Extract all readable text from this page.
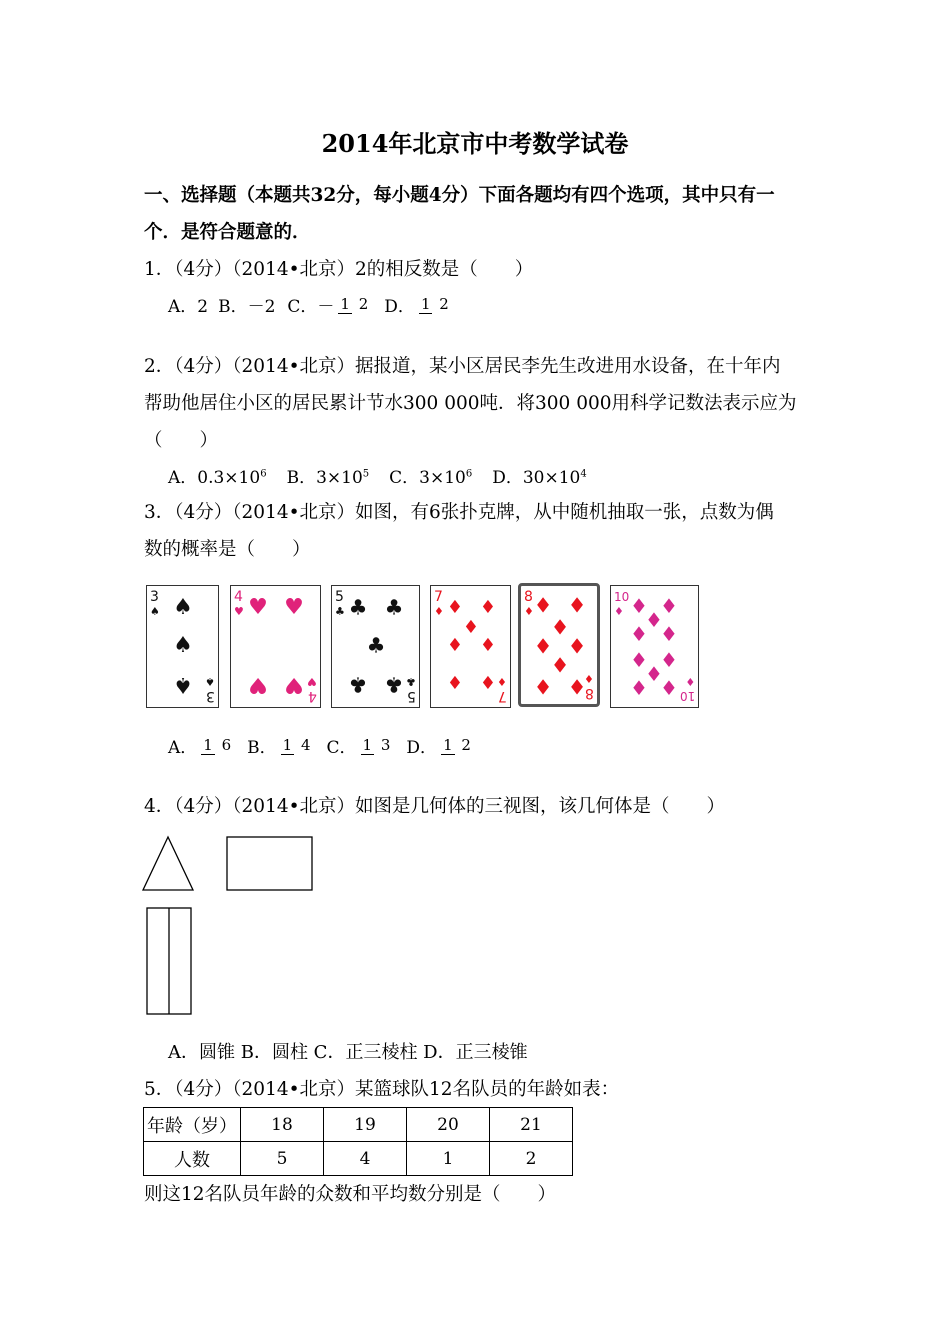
2014年北京市中考数学试卷
一、选择题（本题共32分，每小题4分）下面各题均有四个选项，其中只有一
个．是符合题意的．
1．（4分）（2014•北京）2的相反数是（　　）
A．2 B．－2 C．－ 1 2 D． 1 2
2．（4分）（2014•北京）据报道，某小区居民李先生改进用水设备，在十年内
帮助他居住小区的居民累计节水300 000吨．将300 000用科学记数法表示应为
（　　）
A．$0.3\times 10^6$ B．$3\times 10^5$ C．$3\times 10^6$ D．$30\times 10^4$
3．（4分）（2014•北京）如图，有6张扑克牌，从中随机抽取一张，点数为偶
数的概率是（　　）
3
♠ ♠
♠
♠ 3
♠
4
♥ ♥ ♥
♥ ♥ 4
♥
5
♣ ♣ ♣
♣
♣ ♣ 5
♣
7
♦ ♦ ♦
♦
♦ ♦
♦ ♦
7
♦
8
♦ ♦ ♦
♦
♦ ♦
♦
♦ ♦
8
♦
10
♦ ♦ ♦
♦
♦ ♦
♦ ♦
♦
♦ ♦ 10
♦
A． 1 6 B． 1 4 C． 1 3 D． 1 2
4．（4分）（2014•北京）如图是几何体的三视图，该几何体是（　　）
A．圆锥 B．圆柱 C．正三棱柱 D．正三棱锥
5．（4分）（2014•北京）某篮球队12名队员的年龄如表：
年龄（岁）	18	19	20	21
人数	5	4	1	2
则这12名队员年龄的众数和平均数分别是（　　）
